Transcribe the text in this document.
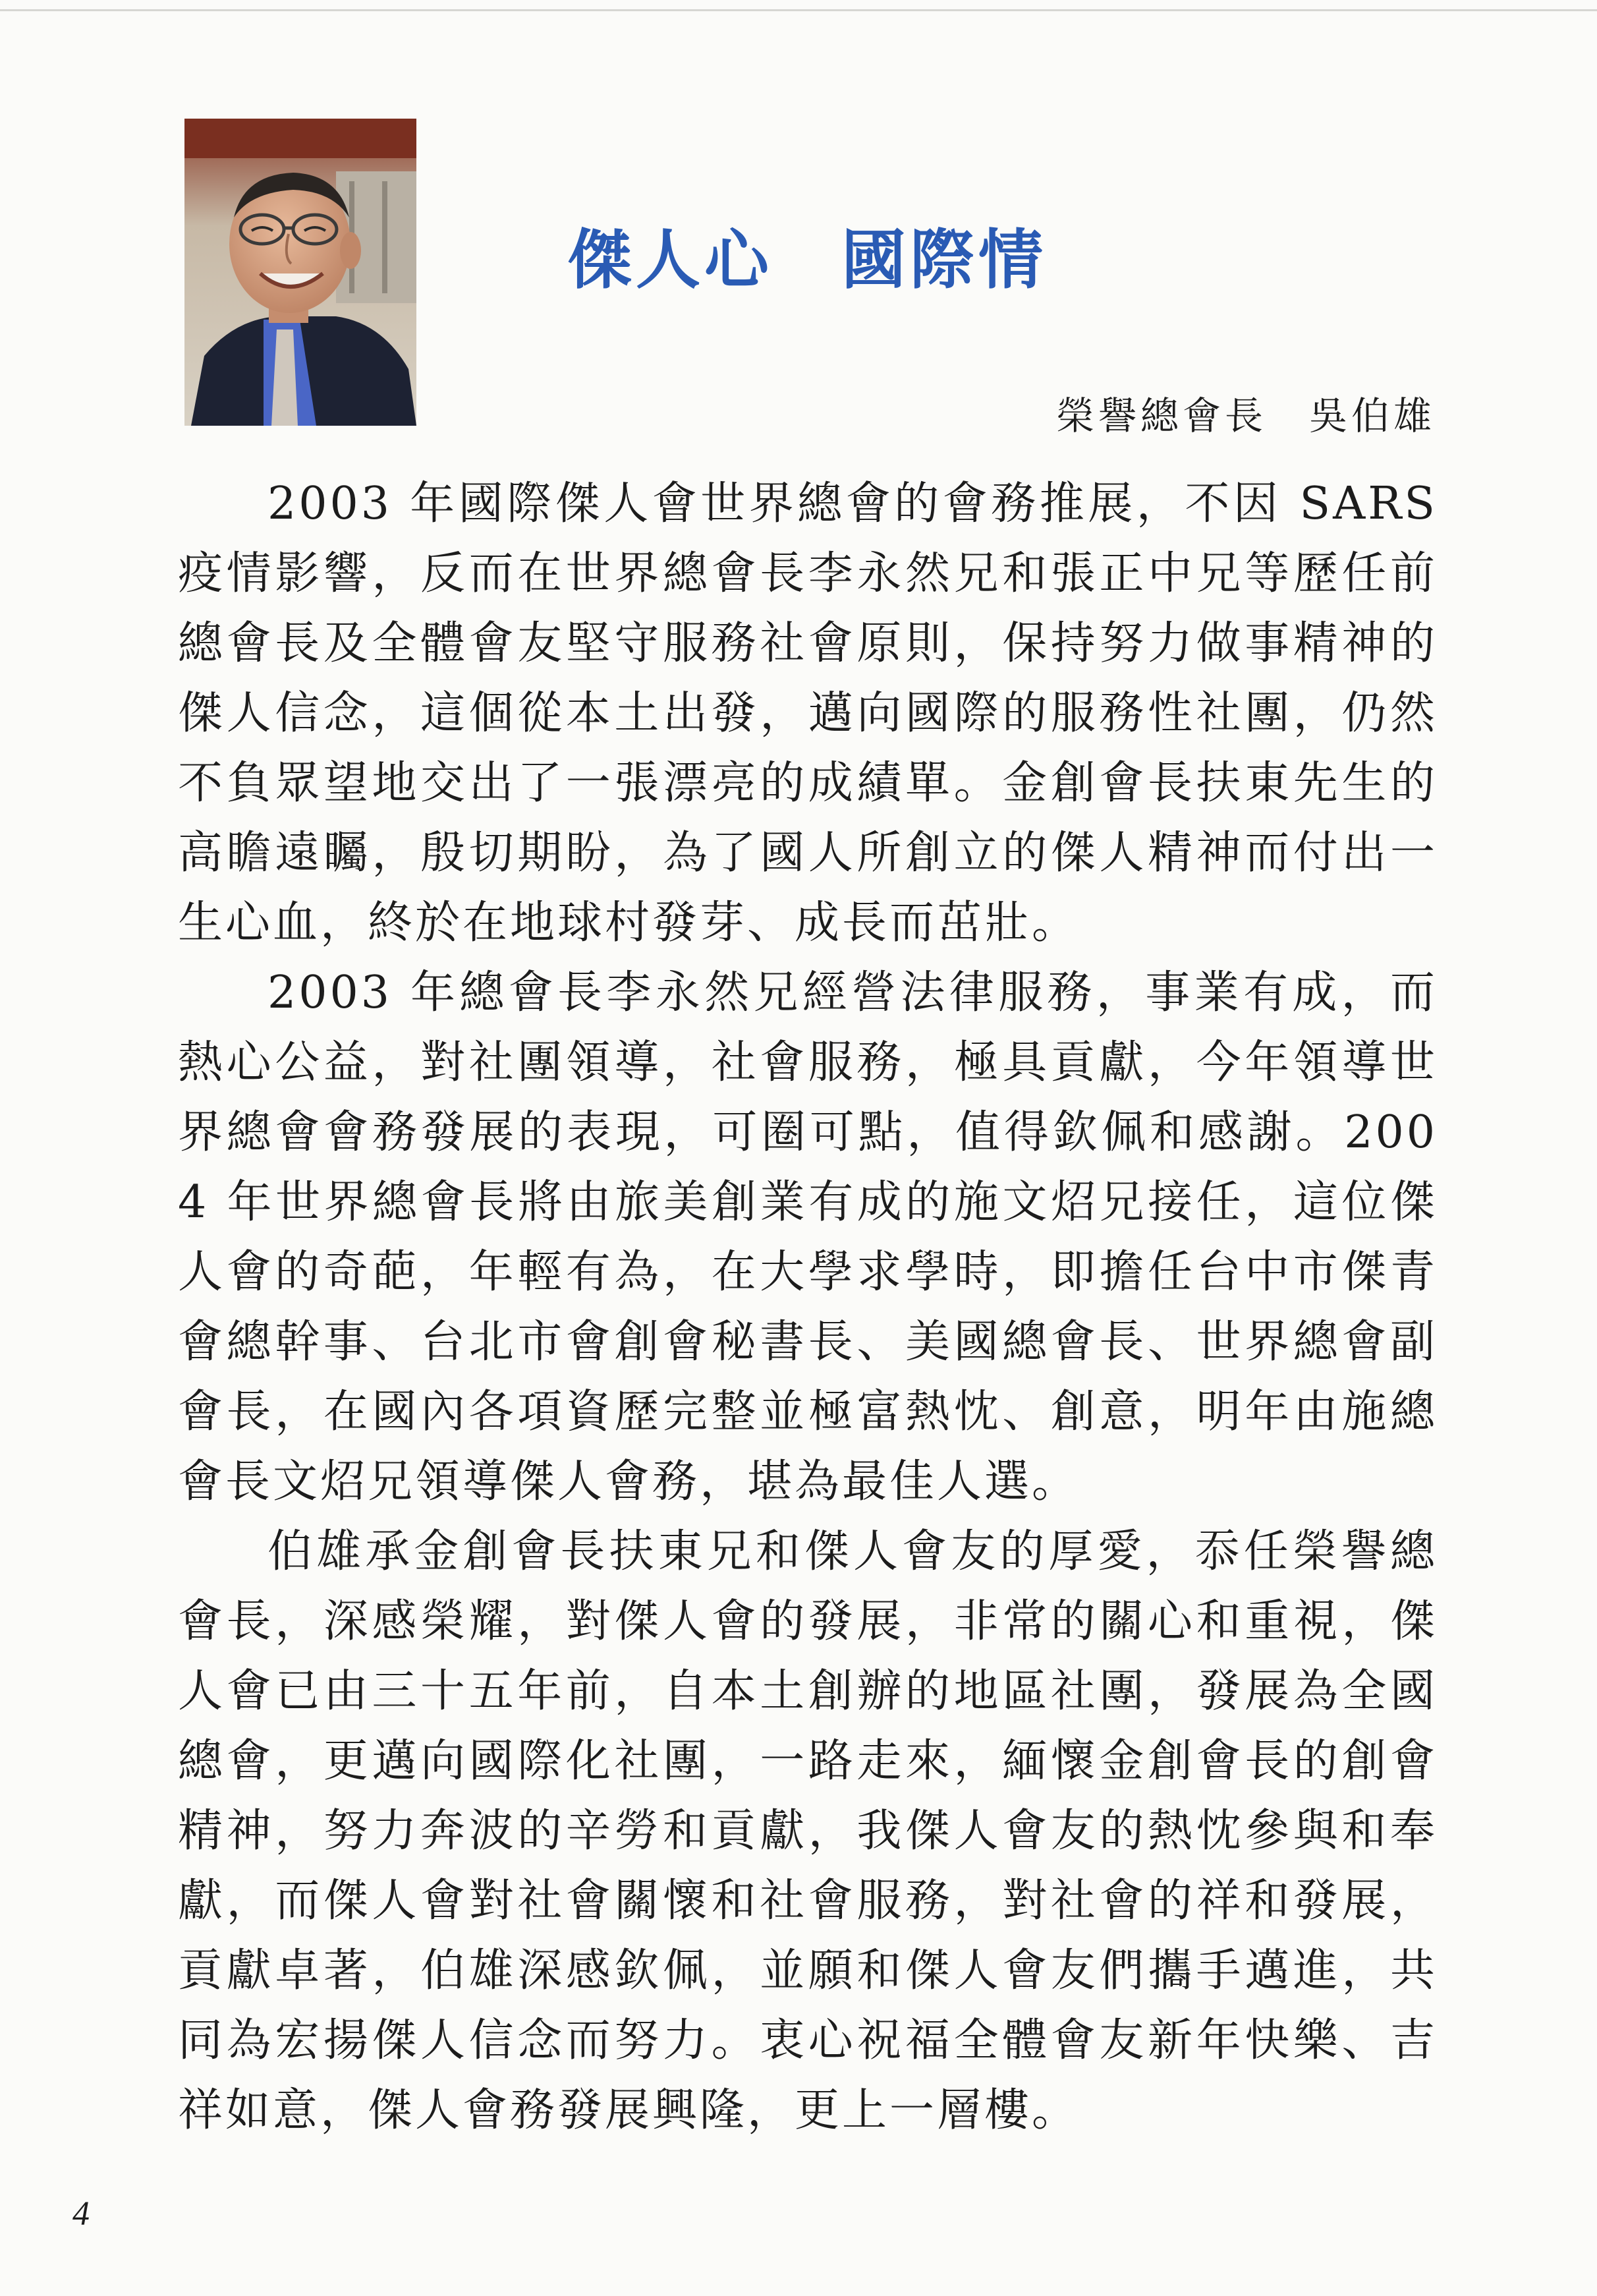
傑人心　國際情
榮譽總會長　吳伯雄

2003 年國際傑人會世界總會的會務推展，不因 SARS 疫情影響，反而在世界總會長李永然兄和張正中兄等歷任前總會長及全體會友堅守服務社會原則，保持努力做事精神的傑人信念，這個從本土出發，邁向國際的服務性社團，仍然不負眾望地交出了一張漂亮的成績單。金創會長扶東先生的高瞻遠矚，殷切期盼，為了國人所創立的傑人精神而付出一生心血，終於在地球村發芽、成長而茁壯。

2003 年總會長李永然兄經營法律服務，事業有成，而熱心公益，對社團領導，社會服務，極具貢獻，今年領導世界總會會務發展的表現，可圈可點，值得欽佩和感謝。2004 年世界總會長將由旅美創業有成的施文炤兄接任，這位傑人會的奇葩，年輕有為，在大學求學時，即擔任台中市傑青會總幹事、台北市會創會秘書長、美國總會長、世界總會副會長，在國內各項資歷完整並極富熱忱、創意，明年由施總會長文炤兄領導傑人會務，堪為最佳人選。

伯雄承金創會長扶東兄和傑人會友的厚愛，忝任榮譽總會長，深感榮耀，對傑人會的發展，非常的關心和重視，傑人會已由三十五年前，自本土創辦的地區社團，發展為全國總會，更邁向國際化社團，一路走來，緬懷金創會長的創會精神，努力奔波的辛勞和貢獻，我傑人會友的熱忱參與和奉獻，而傑人會對社會關懷和社會服務，對社會的祥和發展，貢獻卓著，伯雄深感欽佩，並願和傑人會友們攜手邁進，共同為宏揚傑人信念而努力。衷心祝福全體會友新年快樂、吉祥如意，傑人會務發展興隆，更上一層樓。

4
